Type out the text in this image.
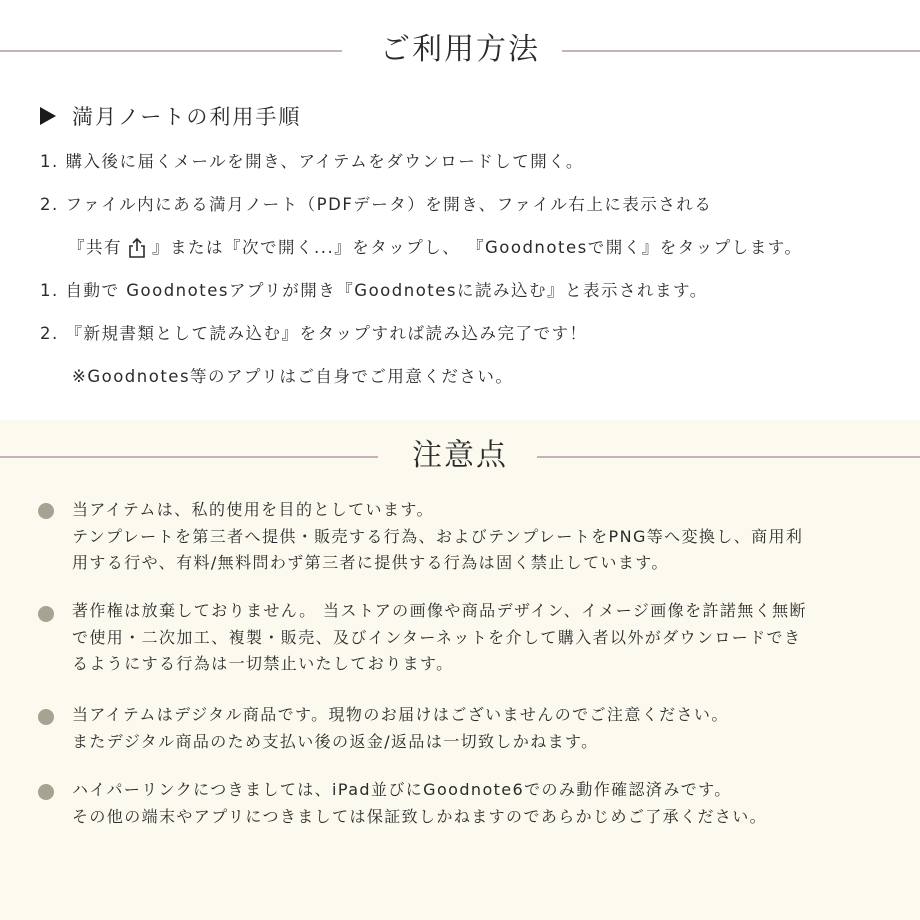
ご利用方法
満月ノートの利用手順
1. 購入後に届くメールを開き、アイテムをダウンロードして開く。
2. ファイル内にある満月ノート（PDFデータ）を開き、ファイル右上に表示される
『共有 』または『次で開く...』をタップし、 『Goodnotesで開く』をタップします。
1. 自動で Goodnotesアプリが開き『Goodnotesに読み込む』と表示されます。
2. 『新規書類として読み込む』をタップすれば読み込み完了です！
※Goodnotes等のアプリはご自身でご用意ください。
注意点
当アイテムは、私的使用を目的としています。
テンプレートを第三者へ提供・販売する行為、およびテンプレートをPNG等へ変換し、商用利
用する行や、有料/無料問わず第三者に提供する行為は固く禁止しています。
著作権は放棄しておりません。 当ストアの画像や商品デザイン、イメージ画像を許諾無く無断
で使用・二次加工、複製・販売、及びインターネットを介して購入者以外がダウンロードでき
るようにする行為は一切禁止いたしております。
当アイテムはデジタル商品です。現物のお届けはございませんのでご注意ください。
またデジタル商品のため支払い後の返金/返品は一切致しかねます。
ハイパーリンクにつきましては、iPad並びにGoodnote6でのみ動作確認済みです。
その他の端末やアプリにつきましては保証致しかねますのであらかじめご了承ください。
